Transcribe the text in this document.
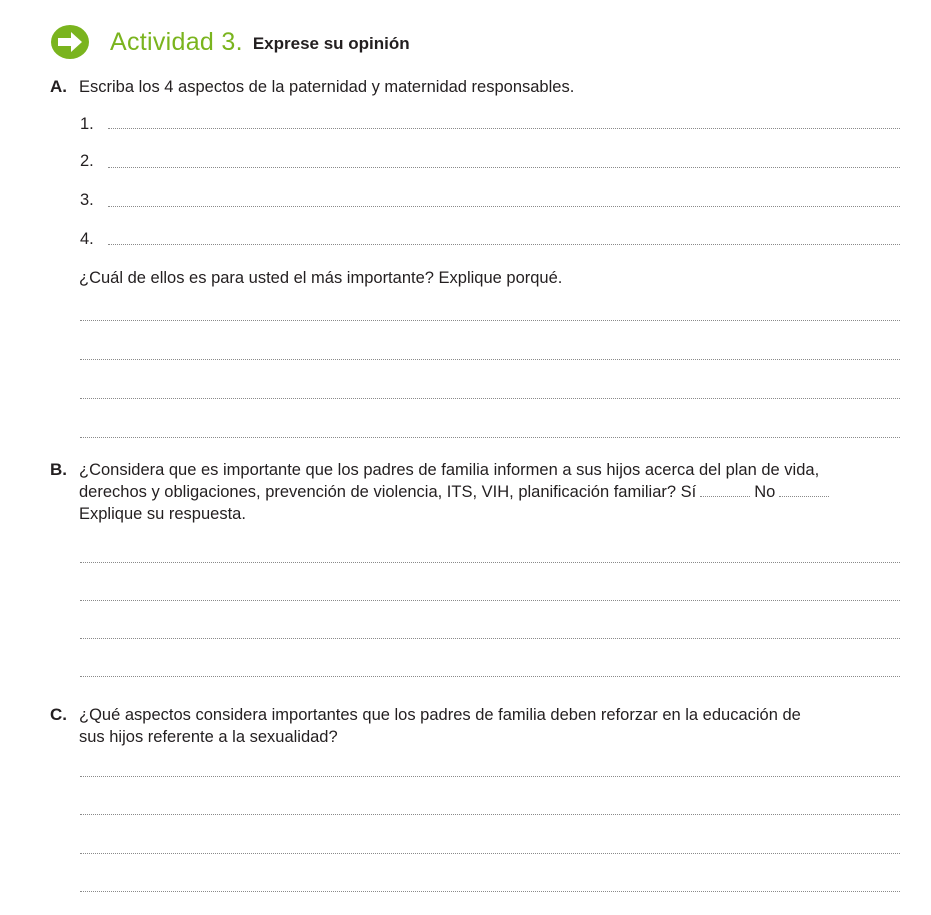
Actividad 3. Exprese su opinión
A. Escriba los 4 aspectos de la paternidad y maternidad responsables.
1.
2.
3.
4.
¿Cuál de ellos es para usted el más importante? Explique porqué.
B. ¿Considera que es importante que los padres de familia informen a sus hijos acerca del plan de vida,
derechos y obligaciones, prevención de violencia, ITS, VIH, planificación familiar? Sí	No
Explique su respuesta.
C. ¿Qué aspectos considera importantes que los padres de familia deben reforzar en la educación de
sus hijos referente a la sexualidad?
